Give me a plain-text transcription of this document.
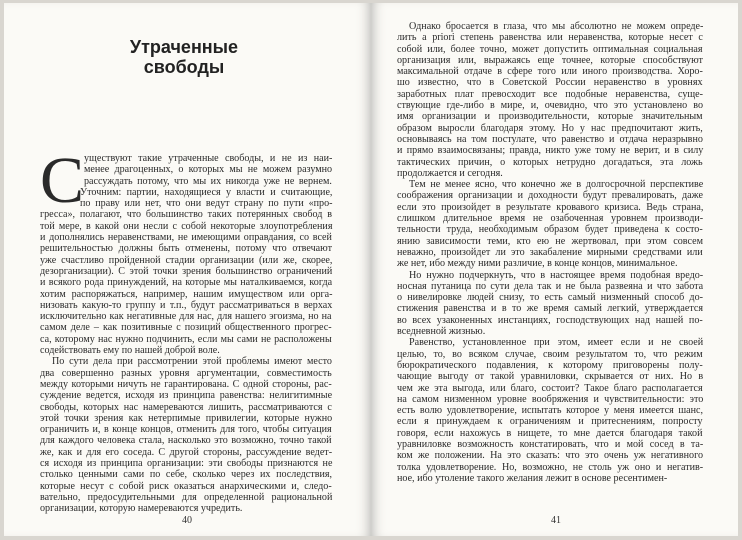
Утраченные
свободы
С уществуют такие утраченные свободы, и не из наи-
менее драгоценных, о которых мы не можем разумно
рассуждать потому, что мы их никогда уже не вернем.
Уточним: партии, находящиеся у власти и считающие,
по праву или нет, что они ведут страну по пути «про-
гресса», полагают, что большинство таких потерянных свобод в
той мере, в какой они несли с собой некоторые злоупотребления
и дополнялись неравенствами, не имеющими оправдания, со всей
решительностью должны быть отменены, потому что отвечают
уже счастливо пройденной стадии организации (или же, скорее,
дезорганизации). С этой точки зрения большинство ограничений
и всякого рода принуждений, на которые мы наталкиваемся, когда
хотим распоряжаться, например, нашим имуществом или орга-
низовать какую-то группу и т.п., будут рассматриваться в верхах
исключительно как негативные для нас, для нашего эгоизма, но на
самом деле – как позитивные с позиций общественного прогрес-
са, которому нас нужно подчинить, если мы сами не расположены
содействовать ему по нашей доброй воле.
По сути дела при рассмотрении этой проблемы имеют место
два совершенно разных уровня аргументации, совместимость
между которыми ничуть не гарантирована. С одной стороны, рас-
суждение ведется, исходя из принципа равенства: нелигитимные
свободы, которых нас намереваются лишить, рассматриваются с
этой точки зрения как нетерпимые привилегии, которые нужно
ограничить и, в конце концов, отменить для того, чтобы ситуация
для каждого человека стала, насколько это возможно, точно такой
же, как и для его соседа. С другой стороны, рассуждение ведет-
ся исходя из принципа организации: эти свободы признаются не
столько ценными сами по себе, сколько через их последствия,
которые несут с собой риск оказаться анархическими и, следо-
вательно, предосудительными для определенной рациональной
организации, которую намереваются учредить.
40
Однако бросается в глаза, что мы абсолютно не можем опреде-
лить a priori степень равенства или неравенства, которые несет с
собой или, более точно, может допустить оптимальная социальная
организация или, выражаясь еще точнее, которые способствуют
максимальной отдаче в сфере того или иного производства. Хоро-
шо известно, что в Советской России неравенство в уровнях
заработных плат превосходит все подобные неравенства, суще-
ствующие где-либо в мире, и, очевидно, что это установлено во
имя организации и производительности, которые значительным
образом выросли благодаря этому. Но у нас предпочитают жить,
основываясь на том постулате, что равенство и отдача неразрывно
и прямо взаимосвязаны; правда, никто уже тому не верит, и в силу
тактических причин, о которых нетрудно догадаться, эта ложь
продолжается и сегодня.
Тем не менее ясно, что конечно же в долгосрочной перспективе
соображения организации и доходности будут превалировать, даже
если это произойдет в результате кровавого кризиса. Ведь страна,
слишком длительное время не озабоченная уровнем производи-
тельности труда, необходимым образом будет приведена к состо-
янию зависимости теми, кто ею не жертвовал, при этом совсем
неважно, произойдет ли это закабаление мирными средствами или
же нет, ибо между ними различие, в конце концов, минимальное.
Но нужно подчеркнуть, что в настоящее время подобная вредо-
носная путаница по сути дела так и не была развеяна и что забота
о нивелировке людей снизу, то есть самый низменный способ до-
стижения равенства и в то же время самый легкий, утверждается
во всех узаконенных инстанциях, господствующих над нашей по-
вседневной жизнью.
Равенство, установленное при этом, имеет если и не своей
целью, то, во всяком случае, своим результатом то, что режим
бюрократического подавления, к которому приговорены полу-
чающие выгоду от такой уравниловки, скрывается от них. Но в
чем же эта выгода, или благо, состоит? Такое благо располагается
на самом низменном уровне вообряжения и чувствительности: это
есть волю удовлетворение, испытать которое у меня имеется шанс,
если я принуждаем к ограничениям и притеснениям, попросту
говоря, если нахожусь в нищете, то мне дается благодаря такой
уравниловке возможность констатировать, что и мой сосед в та-
ком же положении. На это сказать: что это очень уж негативного
толка удовлетворение. Но, возможно, не столь уж оно и негатив-
ное, ибо утоление такого желания лежит в основе ресентимен-
41
